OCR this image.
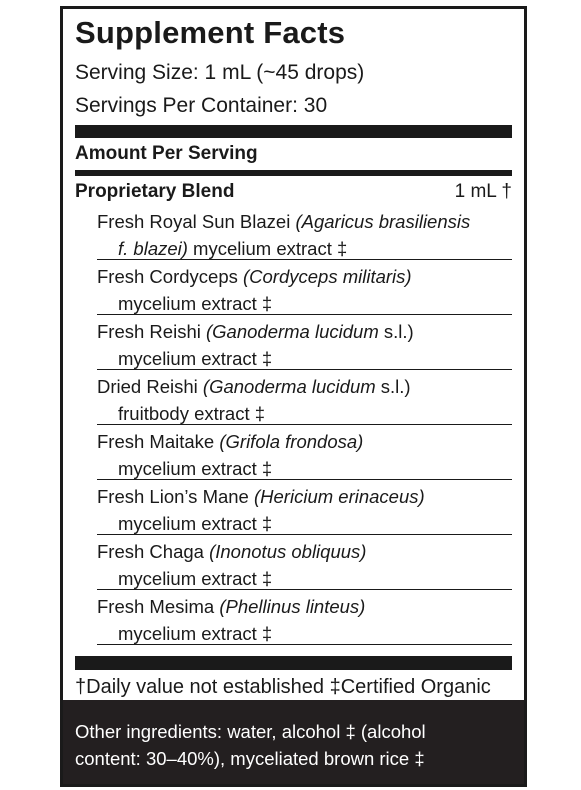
Supplement Facts
Serving Size: 1 mL (~45 drops)
Servings Per Container: 30
Amount Per Serving
Proprietary Blend	1 mL †
Fresh Royal Sun Blazei (Agaricus brasiliensis
f. blazei) mycelium extract ‡
Fresh Cordyceps (Cordyceps militaris)
mycelium extract ‡
Fresh Reishi (Ganoderma lucidum s.l.)
mycelium extract ‡
Dried Reishi (Ganoderma lucidum s.l.)
fruitbody extract ‡
Fresh Maitake (Grifola frondosa)
mycelium extract ‡
Fresh Lion’s Mane (Hericium erinaceus)
mycelium extract ‡
Fresh Chaga (Inonotus obliquus)
mycelium extract ‡
Fresh Mesima (Phellinus linteus)
mycelium extract ‡
†Daily value not established ‡Certified Organic
Other ingredients: water, alcohol ‡ (alcohol
content: 30–40%), myceliated brown rice ‡
